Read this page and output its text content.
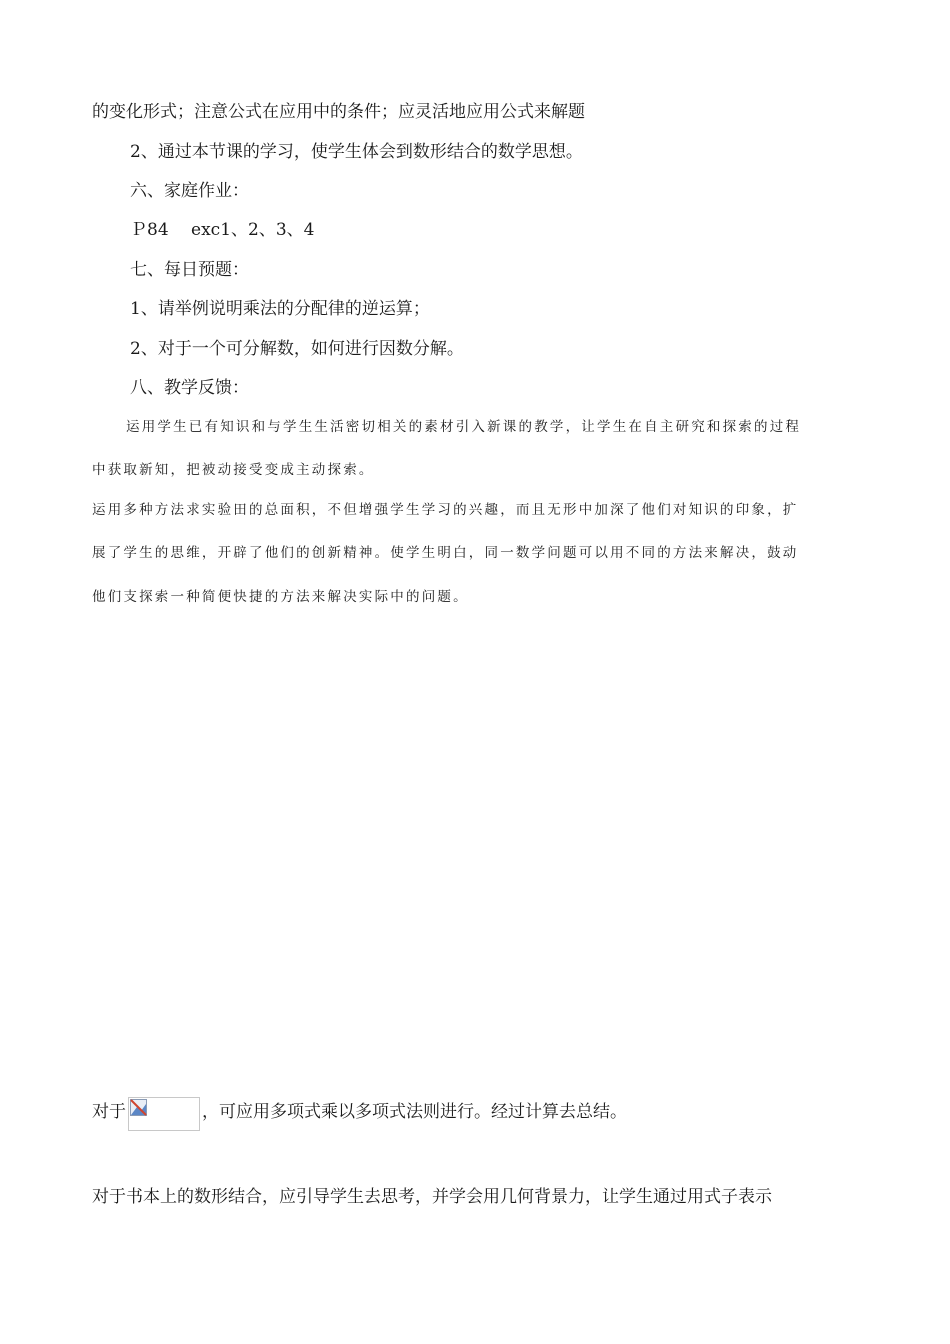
的变化形式；注意公式在应用中的条件；应灵活地应用公式来解题
2、通过本节课的学习，使学生体会到数形结合的数学思想。
六、家庭作业：
Ｐ84　 exc1、2、3、4
七、每日预题：
1、请举例说明乘法的分配律的逆运算；
2、对于一个可分解数，如何进行因数分解。
八、教学反馈：
运用学生已有知识和与学生生活密切相关的素材引入新课的教学，让学生在自主研究和探索的过程
中获取新知，把被动接受变成主动探索。
运用多种方法求实验田的总面积，不但增强学生学习的兴趣，而且无形中加深了他们对知识的印象，扩
展了学生的思维，开辟了他们的创新精神。使学生明白，同一数学问题可以用不同的方法来解决，鼓动
他们支探索一种简便快捷的方法来解决实际中的问题。
对于	，可应用多项式乘以多项式法则进行。经过计算去总结。
对于书本上的数形结合，应引导学生去思考，并学会用几何背景力，让学生通过用式子表示
